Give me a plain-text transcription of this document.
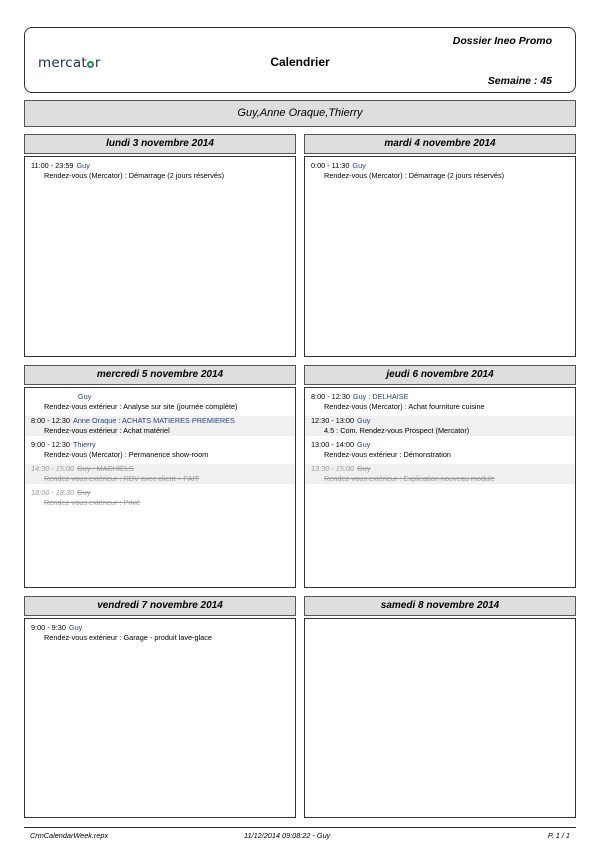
mercat r	Calendrier
Dossier Ineo Promo
Semaine : 45
Guy,Anne Oraque,Thierry
lundi 3 novembre 2014
11:00 - 23:59 Guy
Rendez-vous (Mercator) : Démarrage (2 jours réservés)
mardi 4 novembre 2014
0:00 - 11:30 Guy
Rendez-vous (Mercator) : Démarrage (2 jours réservés)
mercredi 5 novembre 2014
Guy
Rendez-vous extérieur : Analyse sur site (journée complète)
8:00 - 12:30 Anne Oraque : ACHATS MATIERES PREMIERES
Rendez-vous extérieur : Achat matériel
9:00 - 12:30 Thierry
Rendez-vous (Mercator) : Permanence show-room
14:30 - 15:00 Guy : MACHIELS
Rendez-vous extérieur : RDV avec client + FAIT
18:00 - 18:30 Guy
Rendez-vous extérieur : Privé
jeudi 6 novembre 2014
8:00 - 12:30 Guy : DELHAISE
Rendez-vous (Mercator) : Achat fourniture cuisine
12:30 - 13:00 Guy
4.5 : Com. Rendez-vous Prospect (Mercator)
13:00 - 14:00 Guy
Rendez-vous extérieur : Démonstration
13:30 - 15:00 Guy
Rendez-vous extérieur : Explication nouveau module
vendredi 7 novembre 2014
9:00 - 9:30 Guy
Rendez-vous extérieur : Garage - produit lave-glace
samedi 8 novembre 2014
CrmCalendarWeek.repx	11/12/2014 09:08:22 - Guy	P. 1 / 1
